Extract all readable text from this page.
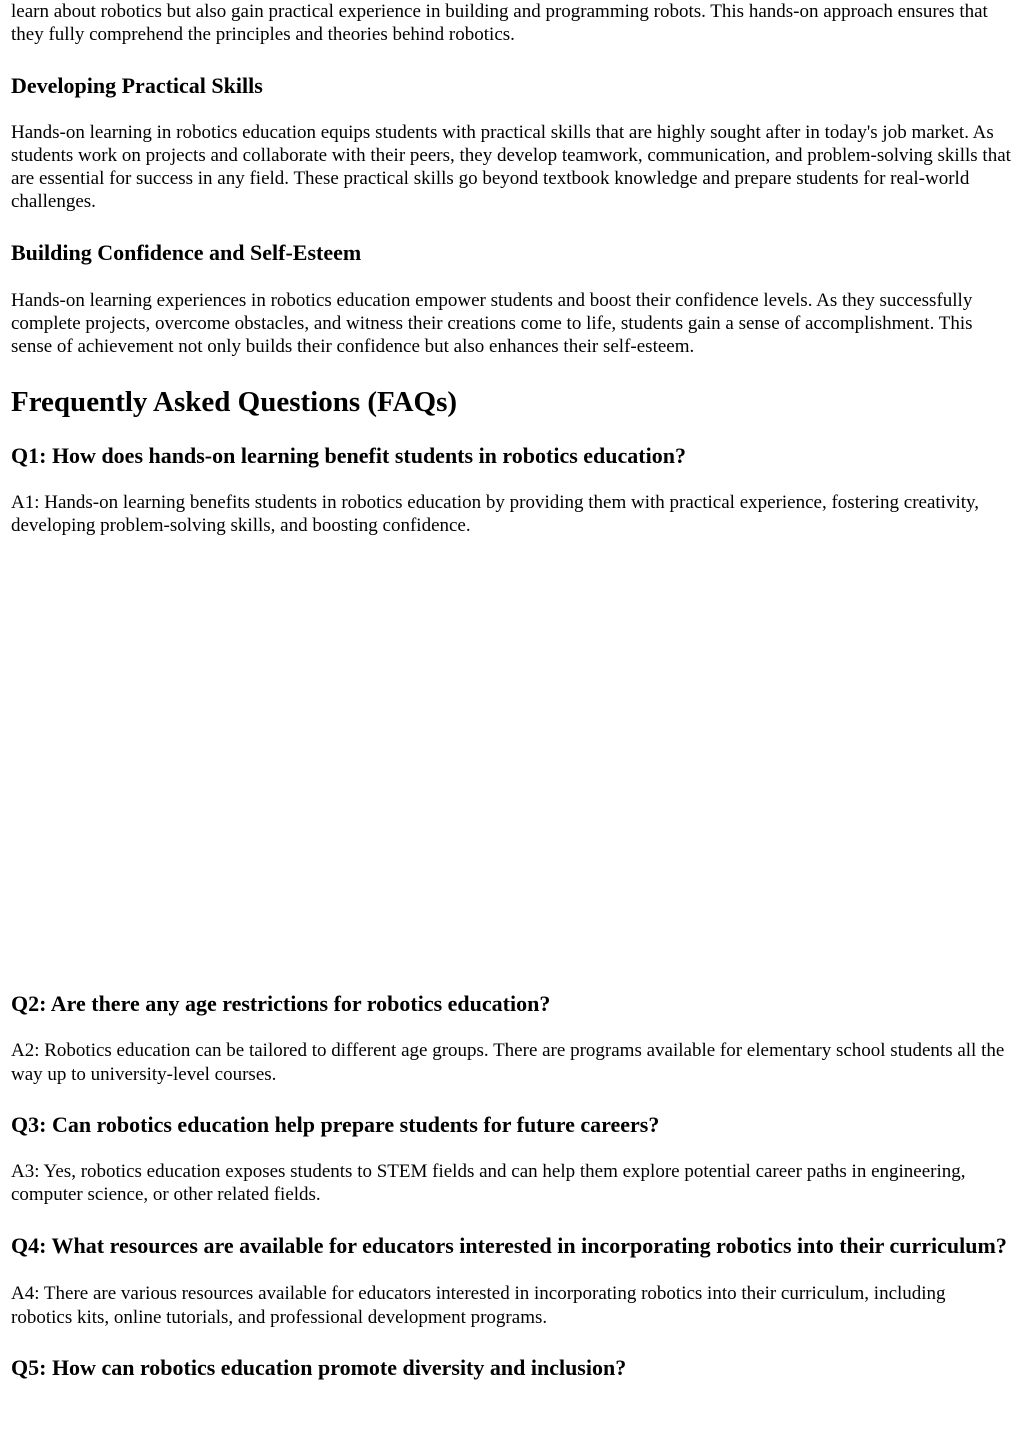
learn about robotics but also gain practical experience in building and programming robots. This hands-on approach ensures that they fully comprehend the principles and theories behind robotics.

Developing Practical Skills

Hands-on learning in robotics education equips students with practical skills that are highly sought after in today's job market. As students work on projects and collaborate with their peers, they develop teamwork, communication, and problem-solving skills that are essential for success in any field. These practical skills go beyond textbook knowledge and prepare students for real-world challenges.

Building Confidence and Self-Esteem

Hands-on learning experiences in robotics education empower students and boost their confidence levels. As they successfully complete projects, overcome obstacles, and witness their creations come to life, students gain a sense of accomplishment. This sense of achievement not only builds their confidence but also enhances their self-esteem.

Frequently Asked Questions (FAQs)
Q1: How does hands-on learning benefit students in robotics education?

A1: Hands-on learning benefits students in robotics education by providing them with practical experience, fostering creativity, developing problem-solving skills, and boosting confidence.

Q2: Are there any age restrictions for robotics education?

A2: Robotics education can be tailored to different age groups. There are programs available for elementary school students all the way up to university-level courses.

Q3: Can robotics education help prepare students for future careers?

A3: Yes, robotics education exposes students to STEM fields and can help them explore potential career paths in engineering, computer science, or other related fields.

Q4: What resources are available for educators interested in incorporating robotics into their curriculum?

A4: There are various resources available for educators interested in incorporating robotics into their curriculum, including robotics kits, online tutorials, and professional development programs.

Q5: How can robotics education promote diversity and inclusion?
